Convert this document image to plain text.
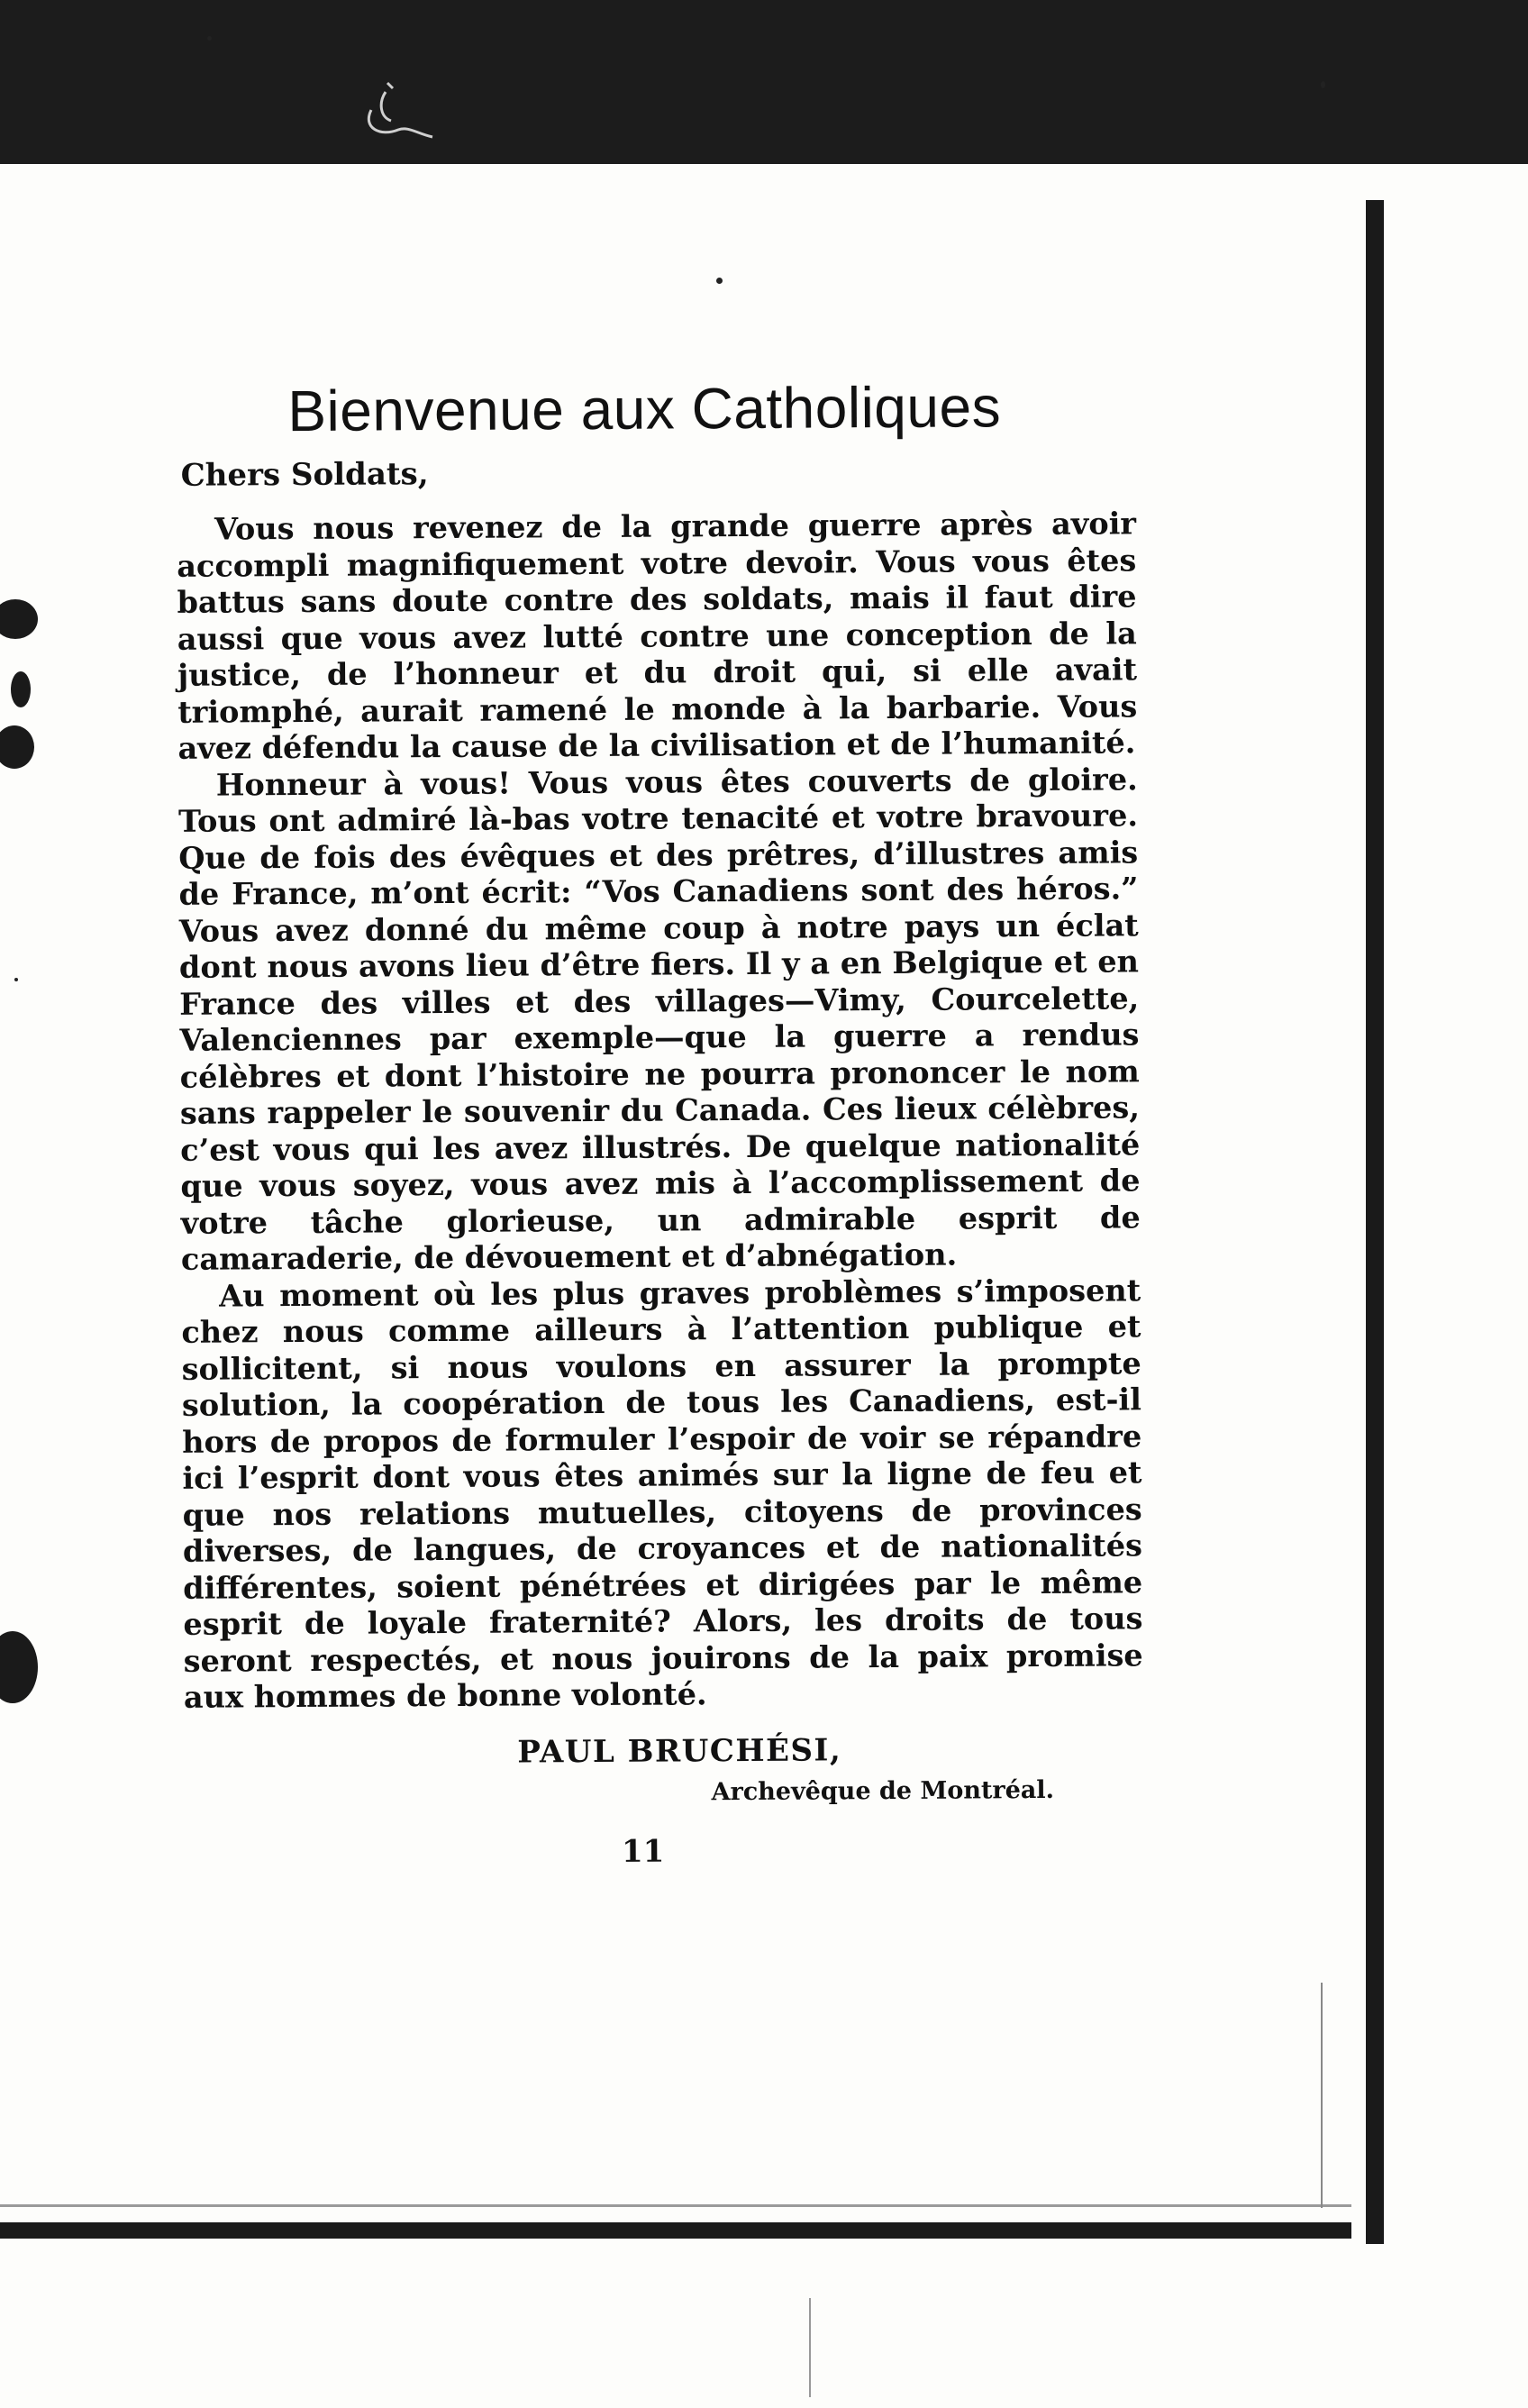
Bienvenue aux Catholiques
Chers Soldats,

Vous nous revenez de la grande guerre après avoir accompli magnifiquement votre devoir. Vous vous êtes battus sans doute contre des soldats, mais il faut dire aussi que vous avez lutté contre une conception de la justice, de l’honneur et du droit qui, si elle avait triomphé, aurait ramené le monde à la barbarie. Vous avez défendu la cause de la civilisation et de l’humanité.

Honneur à vous! Vous vous êtes couverts de gloire. Tous ont admiré là-bas votre tenacité et votre bravoure. Que de fois des évêques et des prêtres, d’illustres amis de France, m’ont écrit: “Vos Canadiens sont des héros.” Vous avez donné du même coup à notre pays un éclat dont nous avons lieu d’être fiers. Il y a en Belgique et en France des villes et des villages—Vimy, Courcelette, Valenciennes par exemple—que la guerre a rendus célèbres et dont l’histoire ne pourra prononcer le nom sans rappeler le souvenir du Canada. Ces lieux célèbres, c’est vous qui les avez illustrés. De quelque nationalité que vous soyez, vous avez mis à l’accomplissement de votre tâche glorieuse, un admirable esprit de camaraderie, de dévouement et d’abnégation.

Au moment où les plus graves problèmes s’imposent chez nous comme ailleurs à l’attention publique et sollicitent, si nous voulons en assurer la prompte solution, la coopération de tous les Canadiens, est-il hors de propos de formuler l’espoir de voir se répandre ici l’esprit dont vous êtes animés sur la ligne de feu et que nos relations mutuelles, citoyens de provinces diverses, de langues, de croyances et de nationalités différentes, soient pénétrées et dirigées par le même esprit de loyale fraternité? Alors, les droits de tous seront respectés, et nous jouirons de la paix promise aux hommes de bonne volonté.

PAUL BRUCHÉSI,
Archevêque de Montréal.
11
